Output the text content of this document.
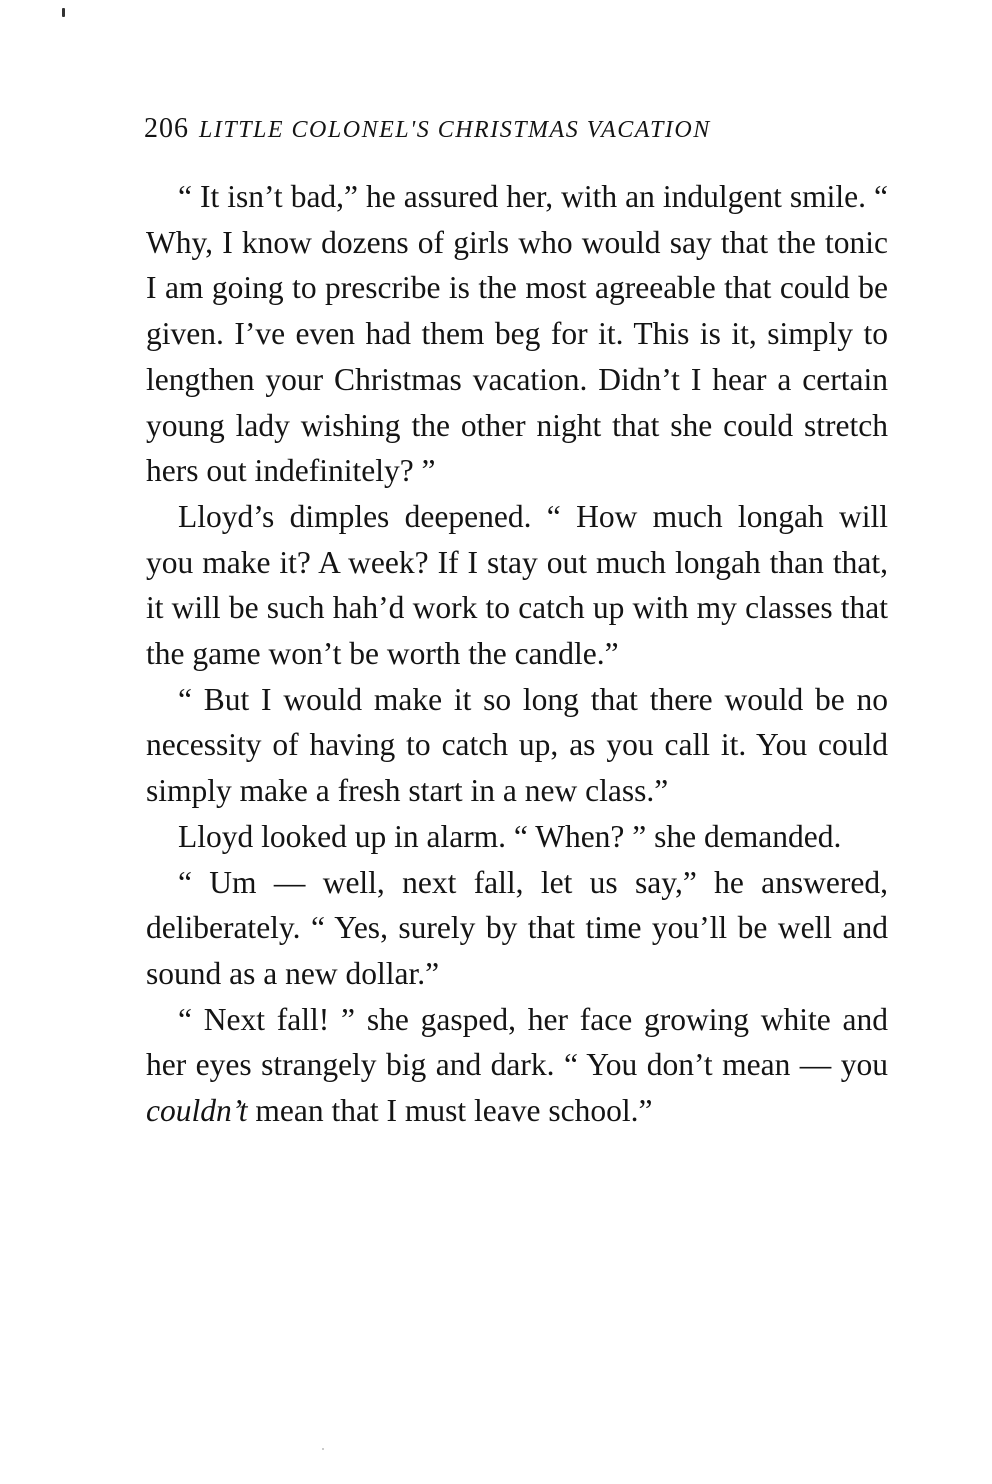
206 LITTLE COLONEL'S CHRISTMAS VACATION

“ It isn’t bad,” he assured her, with an indulgent smile. “ Why, I know dozens of girls who would say that the tonic I am going to prescribe is the most agreeable that could be given. I’ve even had them beg for it. This is it, simply to lengthen your Christmas vacation. Didn’t I hear a certain young lady wishing the other night that she could stretch hers out indefinitely? ”

Lloyd’s dimples deepened. “ How much longah will you make it? A week? If I stay out much longah than that, it will be such hah’d work to catch up with my classes that the game won’t be worth the candle.”

“ But I would make it so long that there would be no necessity of having to catch up, as you call it. You could simply make a fresh start in a new class.”

Lloyd looked up in alarm. “ When? ” she demanded.

“ Um — well, next fall, let us say,” he answered, deliberately. “ Yes, surely by that time you’ll be well and sound as a new dollar.”

“ Next fall! ” she gasped, her face growing white and her eyes strangely big and dark. “ You don’t mean — you couldn’t mean that I must leave school.”
